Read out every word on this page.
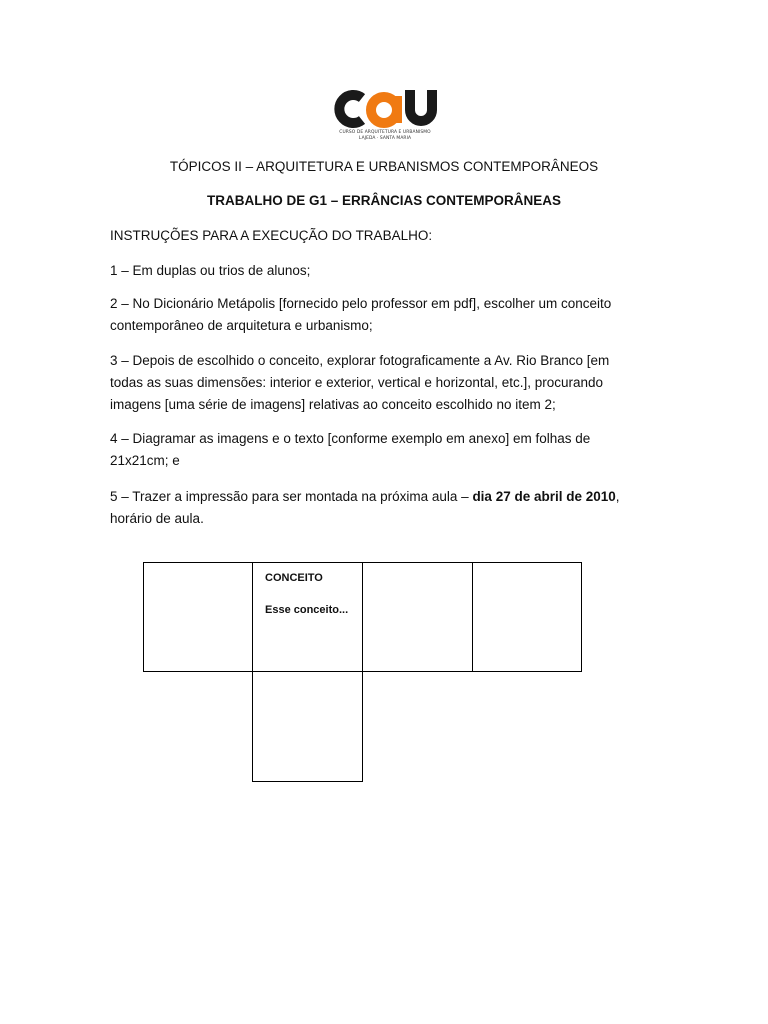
CURSO DE ARQUITETURA E URBANISMO
LAJEDA · SANTA MARIA
TÓPICOS II – ARQUITETURA E URBANISMOS CONTEMPORÂNEOS
TRABALHO DE G1 – ERRÂNCIAS CONTEMPORÂNEAS

INSTRUÇÕES PARA A EXECUÇÃO DO TRABALHO:

1 – Em duplas ou trios de alunos;

2 – No Dicionário Metápolis [fornecido pelo professor em pdf], escolher um conceito
contemporâneo de arquitetura e urbanismo;

3 – Depois de escolhido o conceito, explorar fotograficamente a Av. Rio Branco [em
todas as suas dimensões: interior e exterior, vertical e horizontal, etc.], procurando
imagens [uma série de imagens] relativas ao conceito escolhido no item 2;

4 – Diagramar as imagens e o texto [conforme exemplo em anexo] em folhas de
21x21cm; e

5 – Trazer a impressão para ser montada na próxima aula – dia 27 de abril de 2010,
horário de aula.

CONCEITO
Esse conceito...
